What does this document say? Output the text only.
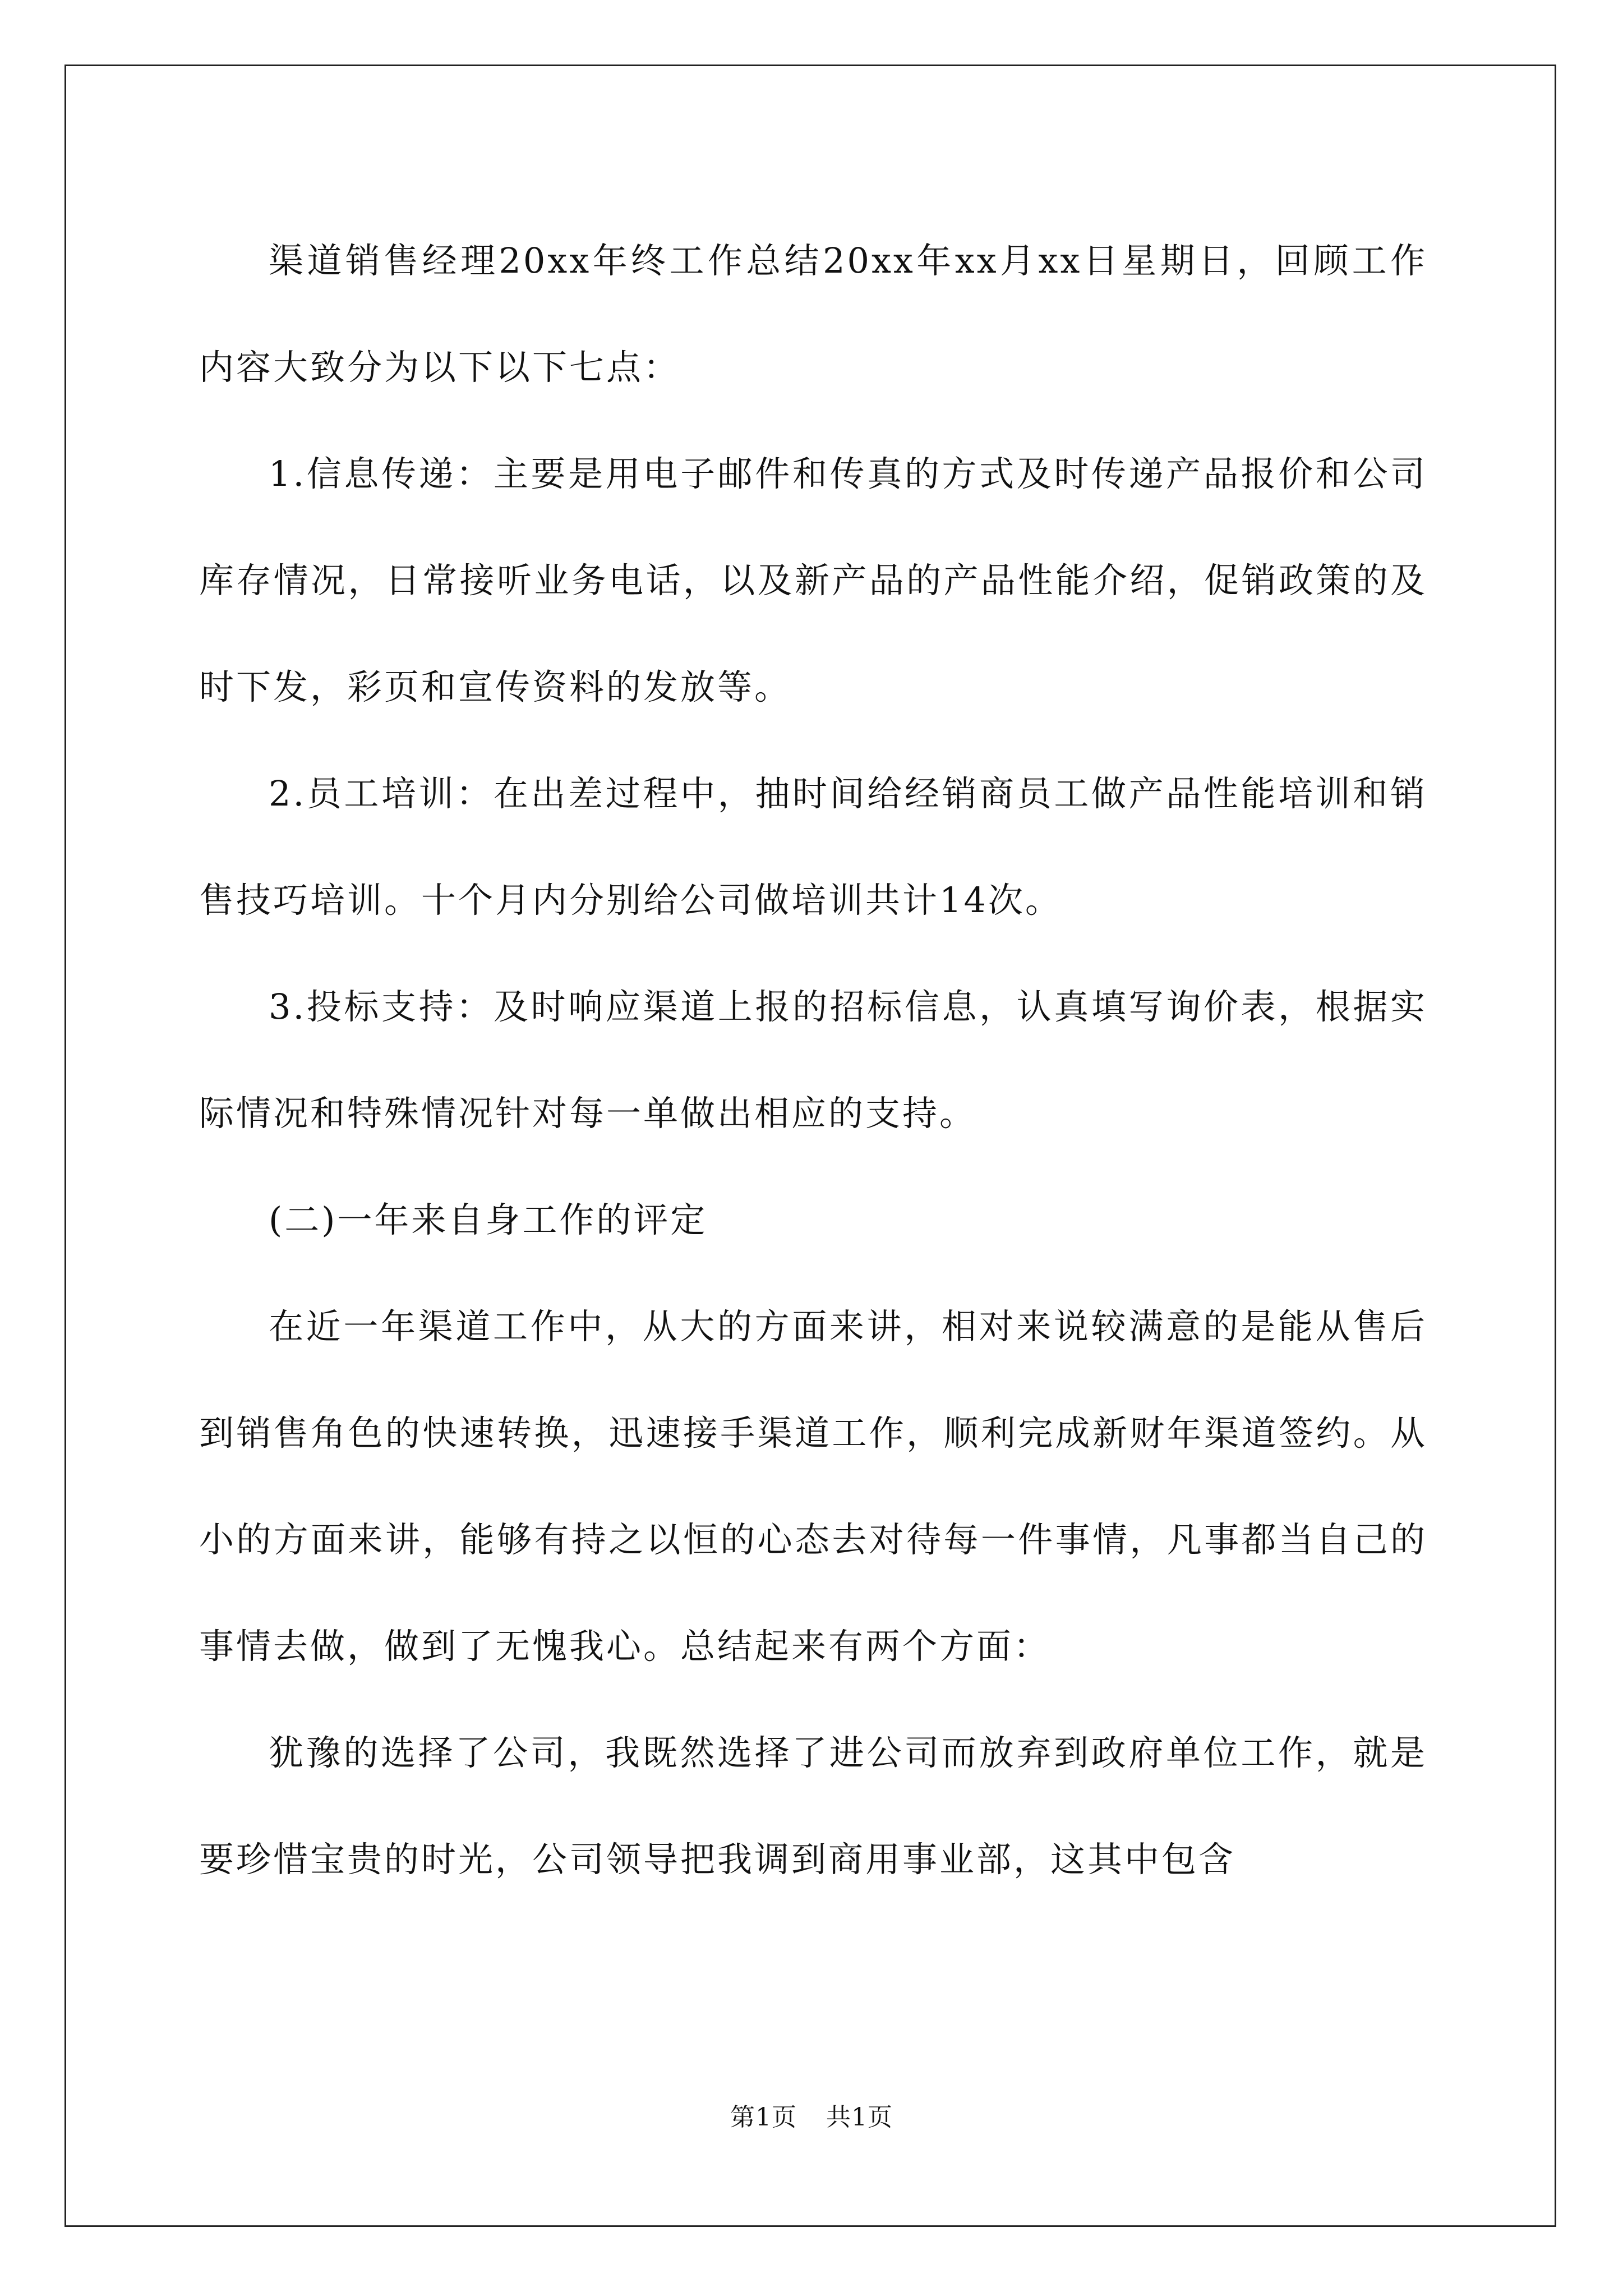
渠道销售经理20xx年终工作总结20xx年xx月xx日星期日，回顾工作内容大致分为以下以下七点：

1.信息传递：主要是用电子邮件和传真的方式及时传递产品报价和公司库存情况，日常接听业务电话，以及新产品的产品性能介绍，促销政策的及时下发，彩页和宣传资料的发放等。

2.员工培训：在出差过程中，抽时间给经销商员工做产品性能培训和销售技巧培训。十个月内分别给公司做培训共计14次。

3.投标支持：及时响应渠道上报的招标信息，认真填写询价表，根据实际情况和特殊情况针对每一单做出相应的支持。

(二)一年来自身工作的评定

在近一年渠道工作中，从大的方面来讲，相对来说较满意的是能从售后到销售角色的快速转换，迅速接手渠道工作，顺利完成新财年渠道签约。从小的方面来讲，能够有持之以恒的心态去对待每一件事情，凡事都当自己的事情去做，做到了无愧我心。总结起来有两个方面：

犹豫的选择了公司，我既然选择了进公司而放弃到政府单位工作，就是要珍惜宝贵的时光，公司领导把我调到商用事业部，这其中包含

第1页 共1页
